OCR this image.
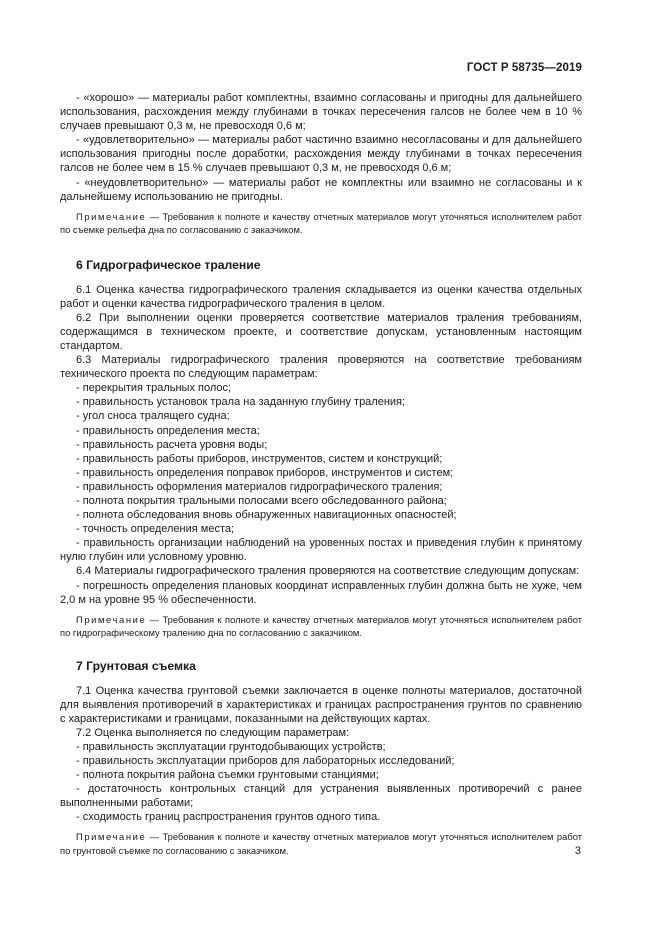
ГОСТ Р 58735—2019

- «хорошо» — материалы работ комплектны, взаимно согласованы и пригодны для дальнейшего использования, расхождения между глубинами в точках пересечения галсов не более чем в 10 % случаев превышают 0,3 м, не превосходя 0,6 м;

- «удовлетворительно» — материалы работ частично взаимно несогласованы и для дальнейшего использования пригодны после доработки, расхождения между глубинами в точках пересечения галсов не более чем в 15 % случаев превышают 0,3 м, не превосходя 0,6 м;

- «неудовлетворительно» — материалы работ не комплектны или взаимно не согласованы и к дальнейшему использованию не пригодны.

Примечание — Требования к полноте и качеству отчетных материалов могут уточняться исполнителем работ по съемке рельефа дна по согласованию с заказчиком.

6 Гидрографическое траление

6.1 Оценка качества гидрографического траления складывается из оценки качества отдельных работ и оценки качества гидрографического траления в целом.

6.2 При выполнении оценки проверяется соответствие материалов траления требованиям, содержащимся в техническом проекте, и соответствие допускам, установленным настоящим стандартом.

6.3 Материалы гидрографического траления проверяются на соответствие требованиям технического проекта по следующим параметрам:

- перекрытия тральных полос;

- правильность установок трала на заданную глубину траления;

- угол сноса тралящего судна;

- правильность определения места;

- правильность расчета уровня воды;

- правильность работы приборов, инструментов, систем и конструкций;

- правильность определения поправок приборов, инструментов и систем;

- правильность оформления материалов гидрографического траления;

- полнота покрытия тральными полосами всего обследованного района;

- полнота обследования вновь обнаруженных навигационных опасностей;

- точность определения места;

- правильность организации наблюдений на уровенных постах и приведения глубин к принятому нулю глубин или условному уровню.

6.4 Материалы гидрографического траления проверяются на соответствие следующим допускам:

- погрешность определения плановых координат исправленных глубин должна быть не хуже, чем 2,0 м на уровне 95 % обеспеченности.

Примечание — Требования к полноте и качеству отчетных материалов могут уточняться исполнителем работ по гидрографическому тралению дна по согласованию с заказчиком.

7 Грунтовая съемка

7.1 Оценка качества грунтовой съемки заключается в оценке полноты материалов, достаточной для выявления противоречий в характеристиках и границах распространения грунтов по сравнению с характеристиками и границами, показанными на действующих картах.

7.2 Оценка выполняется по следующим параметрам:

- правильность эксплуатации грунтодобывающих устройств;

- правильность эксплуатации приборов для лабораторных исследований;

- полнота покрытия района съемки грунтовыми станциями;

- достаточность контрольных станций для устранения выявленных противоречий с ранее выполненными работами;

- сходимость границ распространения грунтов одного типа.

Примечание — Требования к полноте и качеству отчетных материалов могут уточняться исполнителем работ по грунтовой съемке по согласованию с заказчиком.	3
